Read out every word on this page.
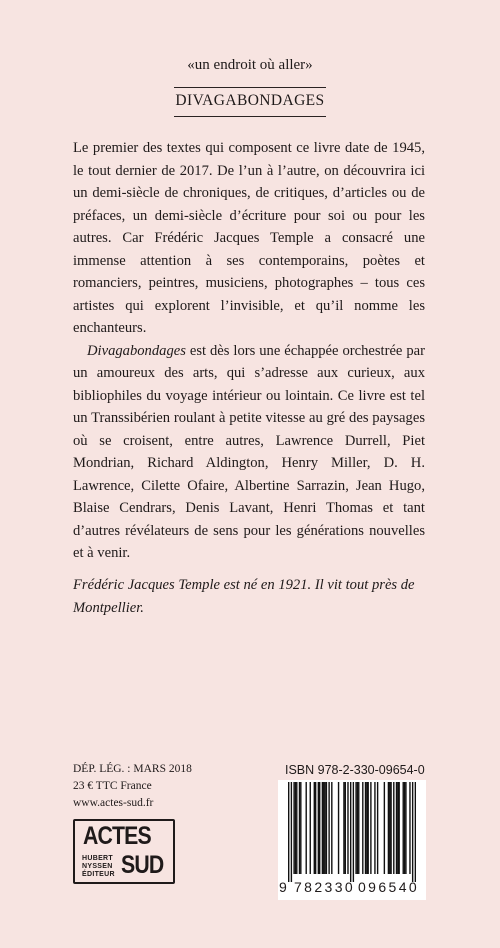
«un endroit où aller»
DIVAGABONDAGES

Le premier des textes qui composent ce livre date de 1945, le tout dernier de 2017. De l’un à l’autre, on découvrira ici un demi-siècle de chroniques, de critiques, d’articles ou de préfaces, un demi-siècle d’écriture pour soi ou pour les autres. Car Frédéric Jacques Temple a consacré une immense attention à ses contemporains, poètes et romanciers, peintres, musiciens, photographes – tous ces artistes qui explorent l’invisible, et qu’il nomme les enchanteurs.

Divagabondages est dès lors une échappée orchestrée par un amoureux des arts, qui s’adresse aux curieux, aux bibliophiles du voyage intérieur ou lointain. Ce livre est tel un Transsibérien roulant à petite vitesse au gré des paysages où se croisent, entre autres, Lawrence Durrell, Piet Mondrian, Richard Aldington, Henry Miller, D. H. Lawrence, Cilette Ofaire, Albertine Sarrazin, Jean Hugo, Blaise Cendrars, Denis Lavant, Henri Thomas et tant d’autres révélateurs de sens pour les générations nouvelles et à venir.

Frédéric Jacques Temple est né en 1921. Il vit tout près de Montpellier.
DÉP. LÉG. : MARS 2018
23 € TTC France
www.actes-sud.fr
ACTES
HUBERT
NYSSEN
ÉDITEUR SUD
ISBN 978-2-330-09654-0
9 782330 096540
